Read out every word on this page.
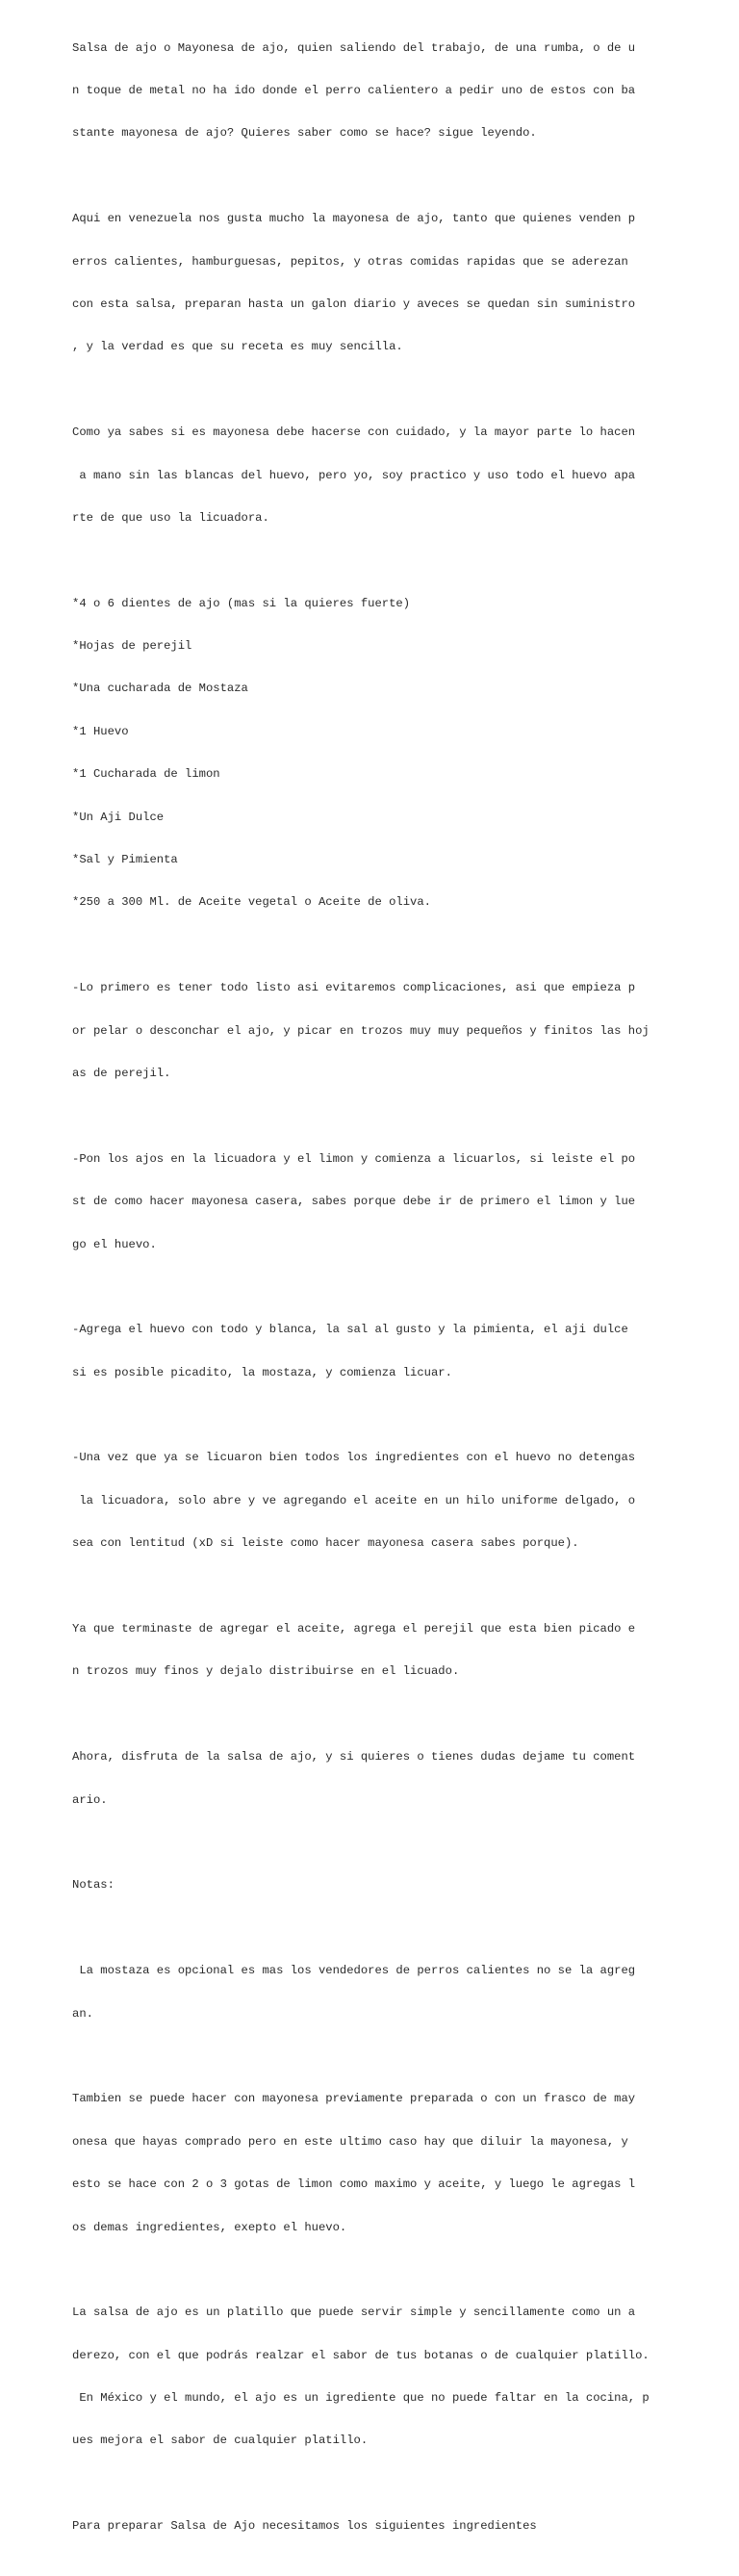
Salsa de ajo o Mayonesa de ajo, quien saliendo del trabajo, de una rumba, o de u

n toque de metal no ha ido donde el perro calientero a pedir uno de estos con ba

stante mayonesa de ajo? Quieres saber como se hace? sigue leyendo.

Aqui en venezuela nos gusta mucho la mayonesa de ajo, tanto que quienes venden p

erros calientes, hamburguesas, pepitos, y otras comidas rapidas que se aderezan

con esta salsa, preparan hasta un galon diario y aveces se quedan sin suministro

, y la verdad es que su receta es muy sencilla.

Como ya sabes si es mayonesa debe hacerse con cuidado, y la mayor parte lo hacen

a mano sin las blancas del huevo, pero yo, soy practico y uso todo el huevo apa

rte de que uso la licuadora.

*4 o 6 dientes de ajo (mas si la quieres fuerte)

*Hojas de perejil

*Una cucharada de Mostaza

*1 Huevo

*1 Cucharada de limon

*Un Aji Dulce

*Sal y Pimienta

*250 a 300 Ml. de Aceite vegetal o Aceite de oliva.

-Lo primero es tener todo listo asi evitaremos complicaciones, asi que empieza p

or pelar o desconchar el ajo, y picar en trozos muy muy pequeños y finitos las hoj

as de perejil.

-Pon los ajos en la licuadora y el limon y comienza a licuarlos, si leiste el po

st de como hacer mayonesa casera, sabes porque debe ir de primero el limon y lue

go el huevo.

-Agrega el huevo con todo y blanca, la sal al gusto y la pimienta, el aji dulce

si es posible picadito, la mostaza, y comienza licuar.

-Una vez que ya se licuaron bien todos los ingredientes con el huevo no detengas

la licuadora, solo abre y ve agregando el aceite en un hilo uniforme delgado, o

sea con lentitud (xD si leiste como hacer mayonesa casera sabes porque).

Ya que terminaste de agregar el aceite, agrega el perejil que esta bien picado e

n trozos muy finos y dejalo distribuirse en el licuado.

Ahora, disfruta de la salsa de ajo, y si quieres o tienes dudas dejame tu coment

ario.

Notas:

La mostaza es opcional es mas los vendedores de perros calientes no se la agreg

an.

Tambien se puede hacer con mayonesa previamente preparada o con un frasco de may

onesa que hayas comprado pero en este ultimo caso hay que diluir la mayonesa, y

esto se hace con 2 o 3 gotas de limon como maximo y aceite, y luego le agregas l

os demas ingredientes, exepto el huevo.

La salsa de ajo es un platillo que puede servir simple y sencillamente como un a

derezo, con el que podrás realzar el sabor de tus botanas o de cualquier platillo.

En México y el mundo, el ajo es un igrediente que no puede faltar en la cocina, p

ues mejora el sabor de cualquier platillo.

Para preparar Salsa de Ajo necesitamos los siguientes ingredientes
